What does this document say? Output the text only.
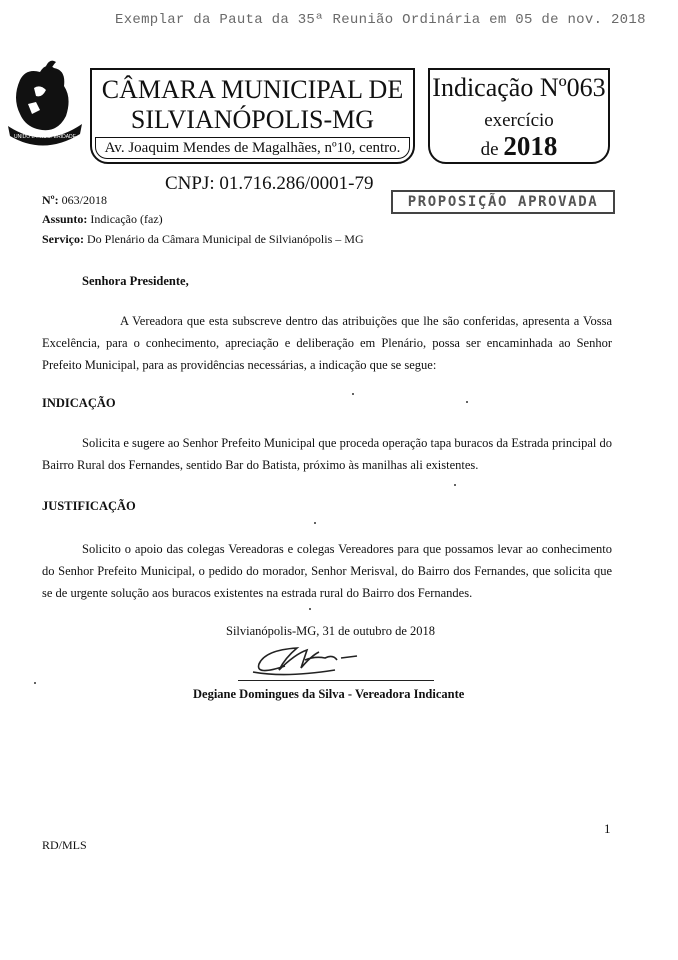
Exemplar da Pauta da 35ª Reunião Ordinária em 05 de nov. 2018
UNIDO E PROSPERIDADE
CÂMARA MUNICIPAL DE
SILVIANÓPOLIS-MG
Av. Joaquim Mendes de Magalhães, nº10, centro.
Indicação Nº063
exercício
de 2018
CNPJ: 01.716.286/0001-79
PROPOSIÇÃO APROVADA
Nº: 063/2018
Assunto: Indicação (faz)
Serviço: Do Plenário da Câmara Municipal de Silvianópolis – MG
Senhora Presidente,
A Vereadora que esta subscreve dentro das atribuições que lhe são conferidas, apresenta a Vossa Excelência, para o conhecimento, apreciação e deliberação em Plenário, possa ser encaminhada ao Senhor Prefeito Municipal, para as providências necessárias, a indicação que se segue:
INDICAÇÃO
Solicita e sugere ao Senhor Prefeito Municipal que proceda operação tapa buracos da Estrada principal do Bairro Rural dos Fernandes, sentido Bar do Batista, próximo às manilhas ali existentes.
JUSTIFICAÇÃO
Solicito o apoio das colegas Vereadoras e colegas Vereadores para que possamos levar ao conhecimento do Senhor Prefeito Municipal, o pedido do morador, Senhor Merisval, do Bairro dos Fernandes, que solicita que se de urgente solução aos buracos existentes na estrada rural do Bairro dos Fernandes.
Silvianópolis-MG, 31 de outubro de 2018
Degiane Domingues da Silva - Vereadora Indicante
RD/MLS
1
